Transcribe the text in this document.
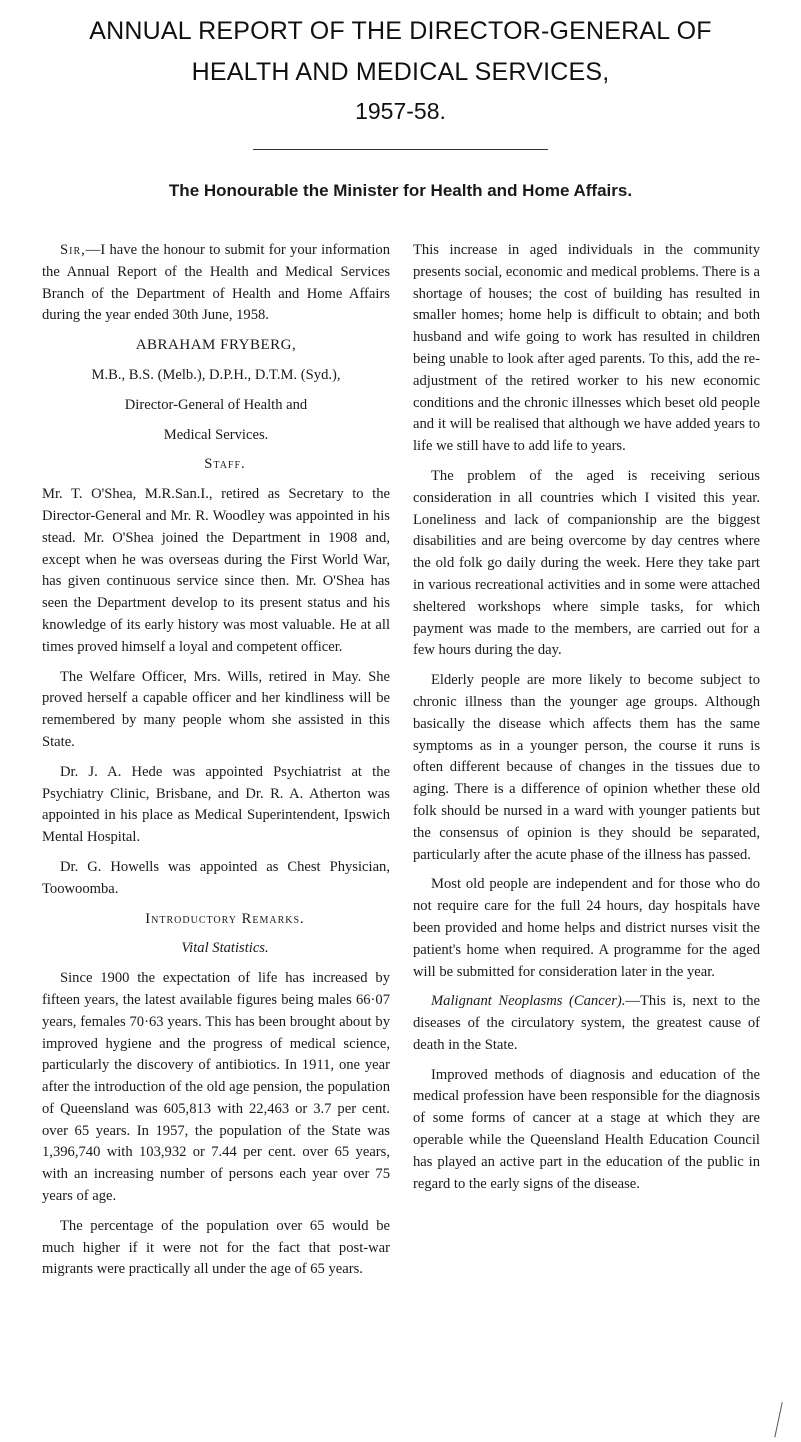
ANNUAL REPORT OF THE DIRECTOR-GENERAL OF
HEALTH AND MEDICAL SERVICES,
1957-58.
The Honourable the Minister for Health and Home Affairs.

Sir,—I have the honour to submit for your information the Annual Report of the Health and Medical Services Branch of the Department of Health and Home Affairs during the year ended 30th June, 1958.

ABRAHAM FRYBERG,

M.B., B.S. (Melb.), D.P.H., D.T.M. (Syd.),

Director-General of Health and

Medical Services.

Staff.

Mr. T. O'Shea, M.R.San.I., retired as Secretary to the Director-General and Mr. R. Woodley was appointed in his stead. Mr. O'Shea joined the Department in 1908 and, except when he was overseas during the First World War, has given continuous service since then. Mr. O'Shea has seen the Department develop to its present status and his knowledge of its early history was most valuable. He at all times proved himself a loyal and competent officer.

The Welfare Officer, Mrs. Wills, retired in May. She proved herself a capable officer and her kindliness will be remembered by many people whom she assisted in this State.

Dr. J. A. Hede was appointed Psychiatrist at the Psychiatry Clinic, Brisbane, and Dr. R. A. Atherton was appointed in his place as Medical Superintendent, Ipswich Mental Hospital.

Dr. G. Howells was appointed as Chest Physician, Toowoomba.

Introductory Remarks.

Vital Statistics.

Since 1900 the expectation of life has increased by fifteen years, the latest available figures being males 66·07 years, females 70·63 years. This has been brought about by improved hygiene and the progress of medical science, particularly the discovery of antibiotics. In 1911, one year after the introduction of the old age pension, the population of Queensland was 605,813 with 22,463 or 3.7 per cent. over 65 years. In 1957, the population of the State was 1,396,740 with 103,932 or 7.44 per cent. over 65 years, with an increasing number of persons each year over 75 years of age.

The percentage of the population over 65 would be much higher if it were not for the fact that post-war migrants were practically all under the age of 65 years.

This increase in aged individuals in the community presents social, economic and medical problems. There is a shortage of houses; the cost of building has resulted in smaller homes; home help is difficult to obtain; and both husband and wife going to work has resulted in children being unable to look after aged parents. To this, add the re-adjustment of the retired worker to his new economic conditions and the chronic illnesses which beset old people and it will be realised that although we have added years to life we still have to add life to years.

The problem of the aged is receiving serious consideration in all countries which I visited this year. Loneliness and lack of companionship are the biggest disabilities and are being overcome by day centres where the old folk go daily during the week. Here they take part in various recreational activities and in some were attached sheltered workshops where simple tasks, for which payment was made to the members, are carried out for a few hours during the day.

Elderly people are more likely to become subject to chronic illness than the younger age groups. Although basically the disease which affects them has the same symptoms as in a younger person, the course it runs is often different because of changes in the tissues due to aging. There is a difference of opinion whether these old folk should be nursed in a ward with younger patients but the consensus of opinion is they should be separated, particularly after the acute phase of the illness has passed.

Most old people are independent and for those who do not require care for the full 24 hours, day hospitals have been provided and home helps and district nurses visit the patient's home when required. A programme for the aged will be submitted for consideration later in the year.

Malignant Neoplasms (Cancer).—This is, next to the diseases of the circulatory system, the greatest cause of death in the State.

Improved methods of diagnosis and education of the medical profession have been responsible for the diagnosis of some forms of cancer at a stage at which they are operable while the Queensland Health Education Council has played an active part in the education of the public in regard to the early signs of the disease.
